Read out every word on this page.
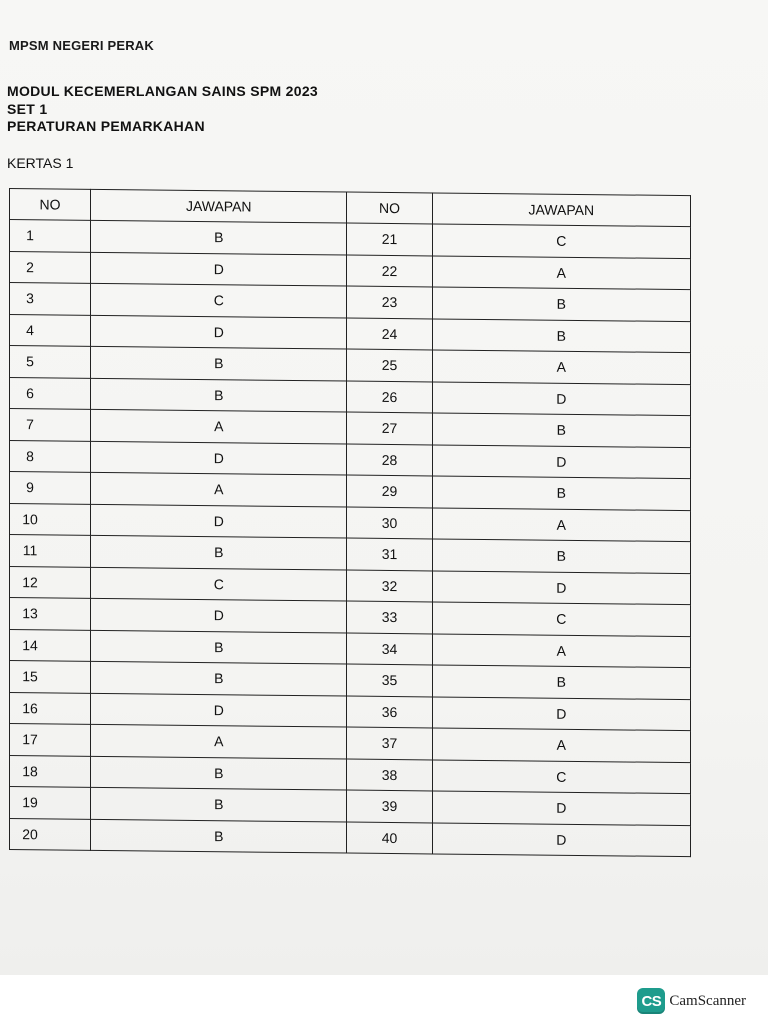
MPSM NEGERI PERAK
MODUL KECEMERLANGAN SAINS SPM 2023
SET 1
PERATURAN PEMARKAHAN
KERTAS 1
NO	JAWAPAN	NO	JAWAPAN
1	B	21	C
2	D	22	A
3	C	23	B
4	D	24	B
5	B	25	A
6	B	26	D
7	A	27	B
8	D	28	D
9	A	29	B
10	D	30	A
11	B	31	B
12	C	32	D
13	D	33	C
14	B	34	A
15	B	35	B
16	D	36	D
17	A	37	A
18	B	38	C
19	B	39	D
20	B	40	D
CS CamScanner
